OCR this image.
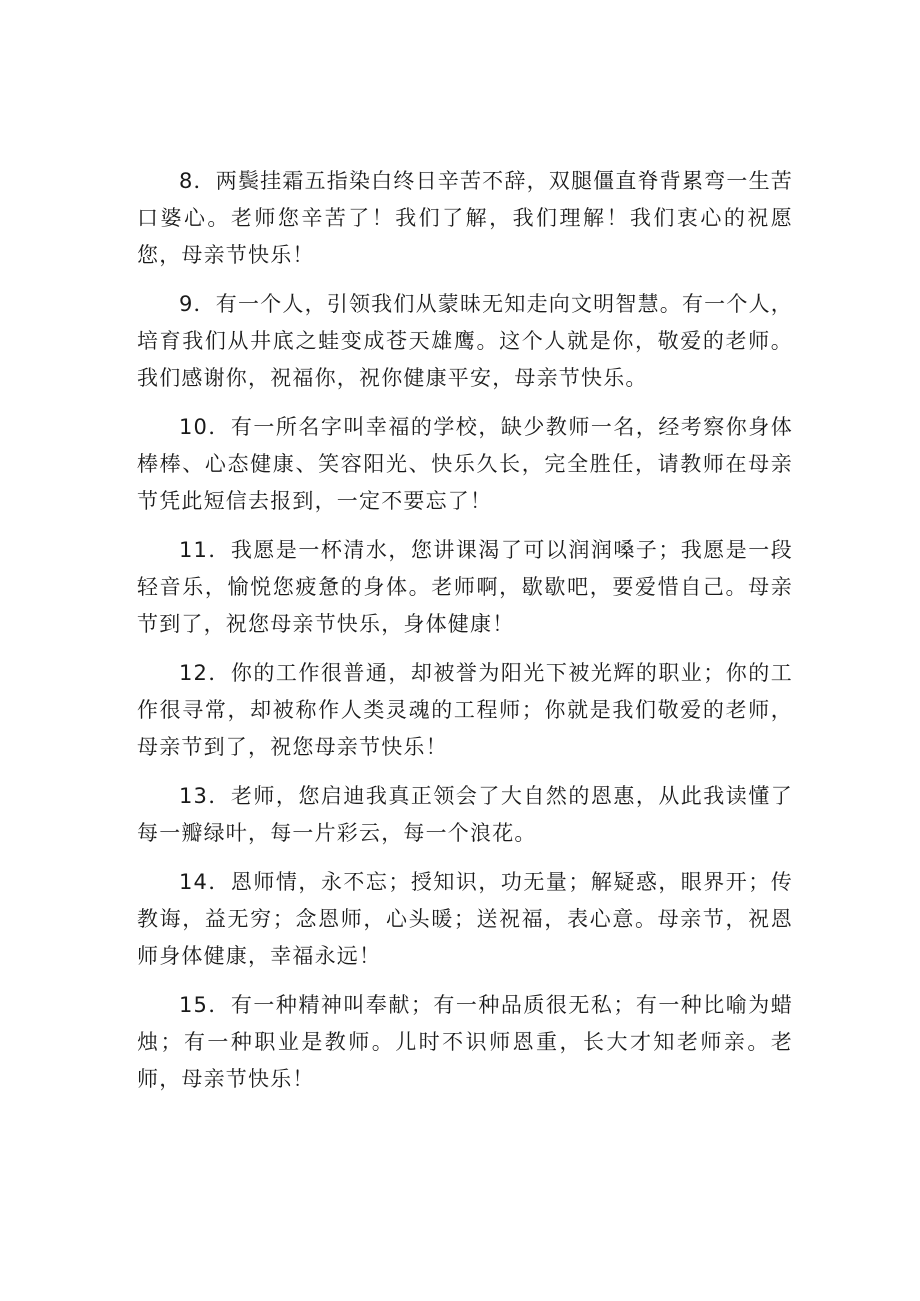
8．两鬓挂霜五指染白终日辛苦不辞，双腿僵直脊背累弯一生苦口婆心。老师您辛苦了！我们了解，我们理解！我们衷心的祝愿您，母亲节快乐！

9．有一个人，引领我们从蒙昧无知走向文明智慧。有一个人，培育我们从井底之蛙变成苍天雄鹰。这个人就是你，敬爱的老师。我们感谢你，祝福你，祝你健康平安，母亲节快乐。

10．有一所名字叫幸福的学校，缺少教师一名，经考察你身体棒棒、心态健康、笑容阳光、快乐久长，完全胜任，请教师在母亲节凭此短信去报到，一定不要忘了！

11．我愿是一杯清水，您讲课渴了可以润润嗓子；我愿是一段轻音乐，愉悦您疲惫的身体。老师啊，歇歇吧，要爱惜自己。母亲节到了，祝您母亲节快乐，身体健康！

12．你的工作很普通，却被誉为阳光下被光辉的职业；你的工作很寻常，却被称作人类灵魂的工程师；你就是我们敬爱的老师，母亲节到了，祝您母亲节快乐！

13．老师，您启迪我真正领会了大自然的恩惠，从此我读懂了每一瓣绿叶，每一片彩云，每一个浪花。

14．恩师情，永不忘；授知识，功无量；解疑惑，眼界开；传教诲，益无穷；念恩师，心头暖；送祝福，表心意。母亲节，祝恩师身体健康，幸福永远！

15．有一种精神叫奉献；有一种品质很无私；有一种比喻为蜡烛；有一种职业是教师。儿时不识师恩重，长大才知老师亲。老师，母亲节快乐！
